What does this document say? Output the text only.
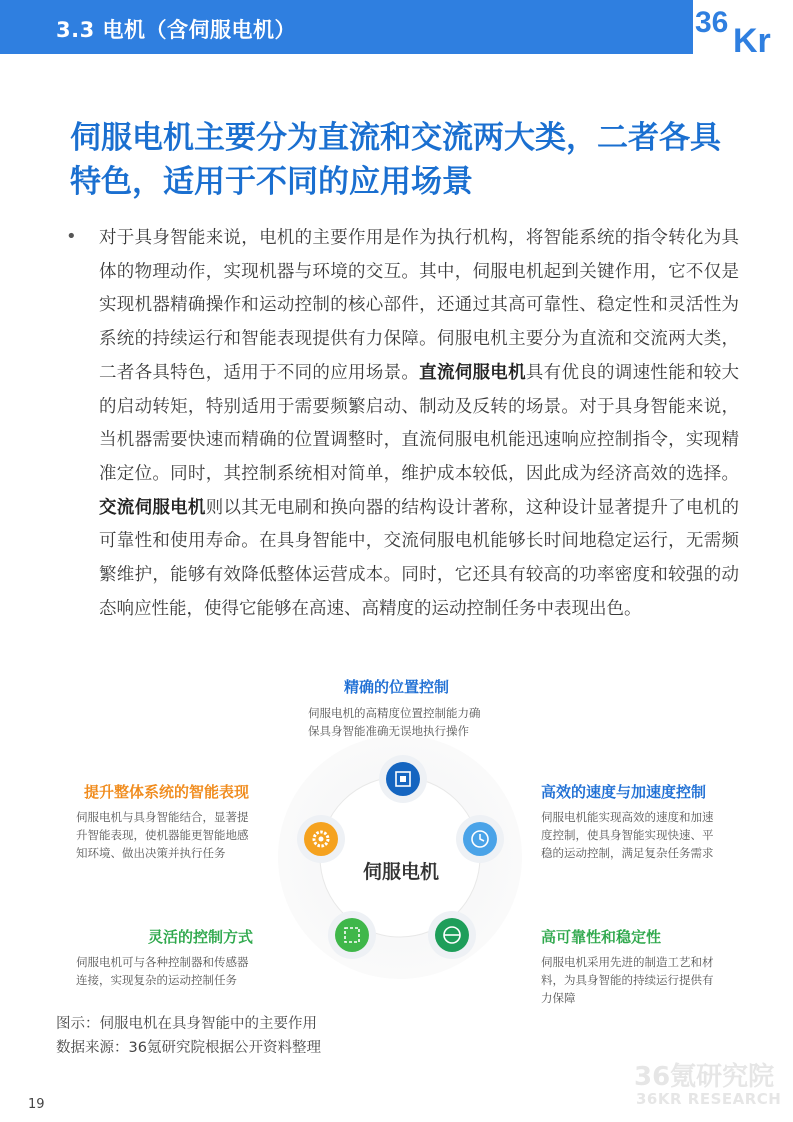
3.3 电机（含伺服电机）	36 Kr
伺服电机主要分为直流和交流两大类，二者各具特色，适用于不同的应用场景
• 对于具身智能来说，电机的主要作用是作为执行机构，将智能系统的指令转化为具体的物理动作，实现机器与环境的交互。其中，伺服电机起到关键作用，它不仅是实现机器精确操作和运动控制的核心部件，还通过其高可靠性、稳定性和灵活性为系统的持续运行和智能表现提供有力保障。伺服电机主要分为直流和交流两大类，二者各具特色，适用于不同的应用场景。直流伺服电机具有优良的调速性能和较大的启动转矩，特别适用于需要频繁启动、制动及反转的场景。对于具身智能来说，当机器需要快速而精确的位置调整时，直流伺服电机能迅速响应控制指令，实现精准定位。同时，其控制系统相对简单，维护成本较低，因此成为经济高效的选择。交流伺服电机则以其无电刷和换向器的结构设计著称，这种设计显著提升了电机的可靠性和使用寿命。在具身智能中，交流伺服电机能够长时间地稳定运行，无需频繁维护，能够有效降低整体运营成本。同时，它还具有较高的功率密度和较强的动态响应性能，使得它能够在高速、高精度的运动控制任务中表现出色。
伺服电机
精确的位置控制
伺服电机的高精度位置控制能力确
保具身智能准确无误地执行操作
高效的速度与加速度控制
伺服电机能实现高效的速度和加速
度控制，使具身智能实现快速、平
稳的运动控制，满足复杂任务需求
高可靠性和稳定性
伺服电机采用先进的制造工艺和材
料，为具身智能的持续运行提供有
力保障
灵活的控制方式
伺服电机可与各种控制器和传感器
连接，实现复杂的运动控制任务
提升整体系统的智能表现
伺服电机与具身智能结合，显著提
升智能表现，使机器能更智能地感
知环境、做出决策并执行任务
图示：伺服电机在具身智能中的主要作用
数据来源：36氪研究院根据公开资料整理
19
36氪研究院
36KR RESEARCH
